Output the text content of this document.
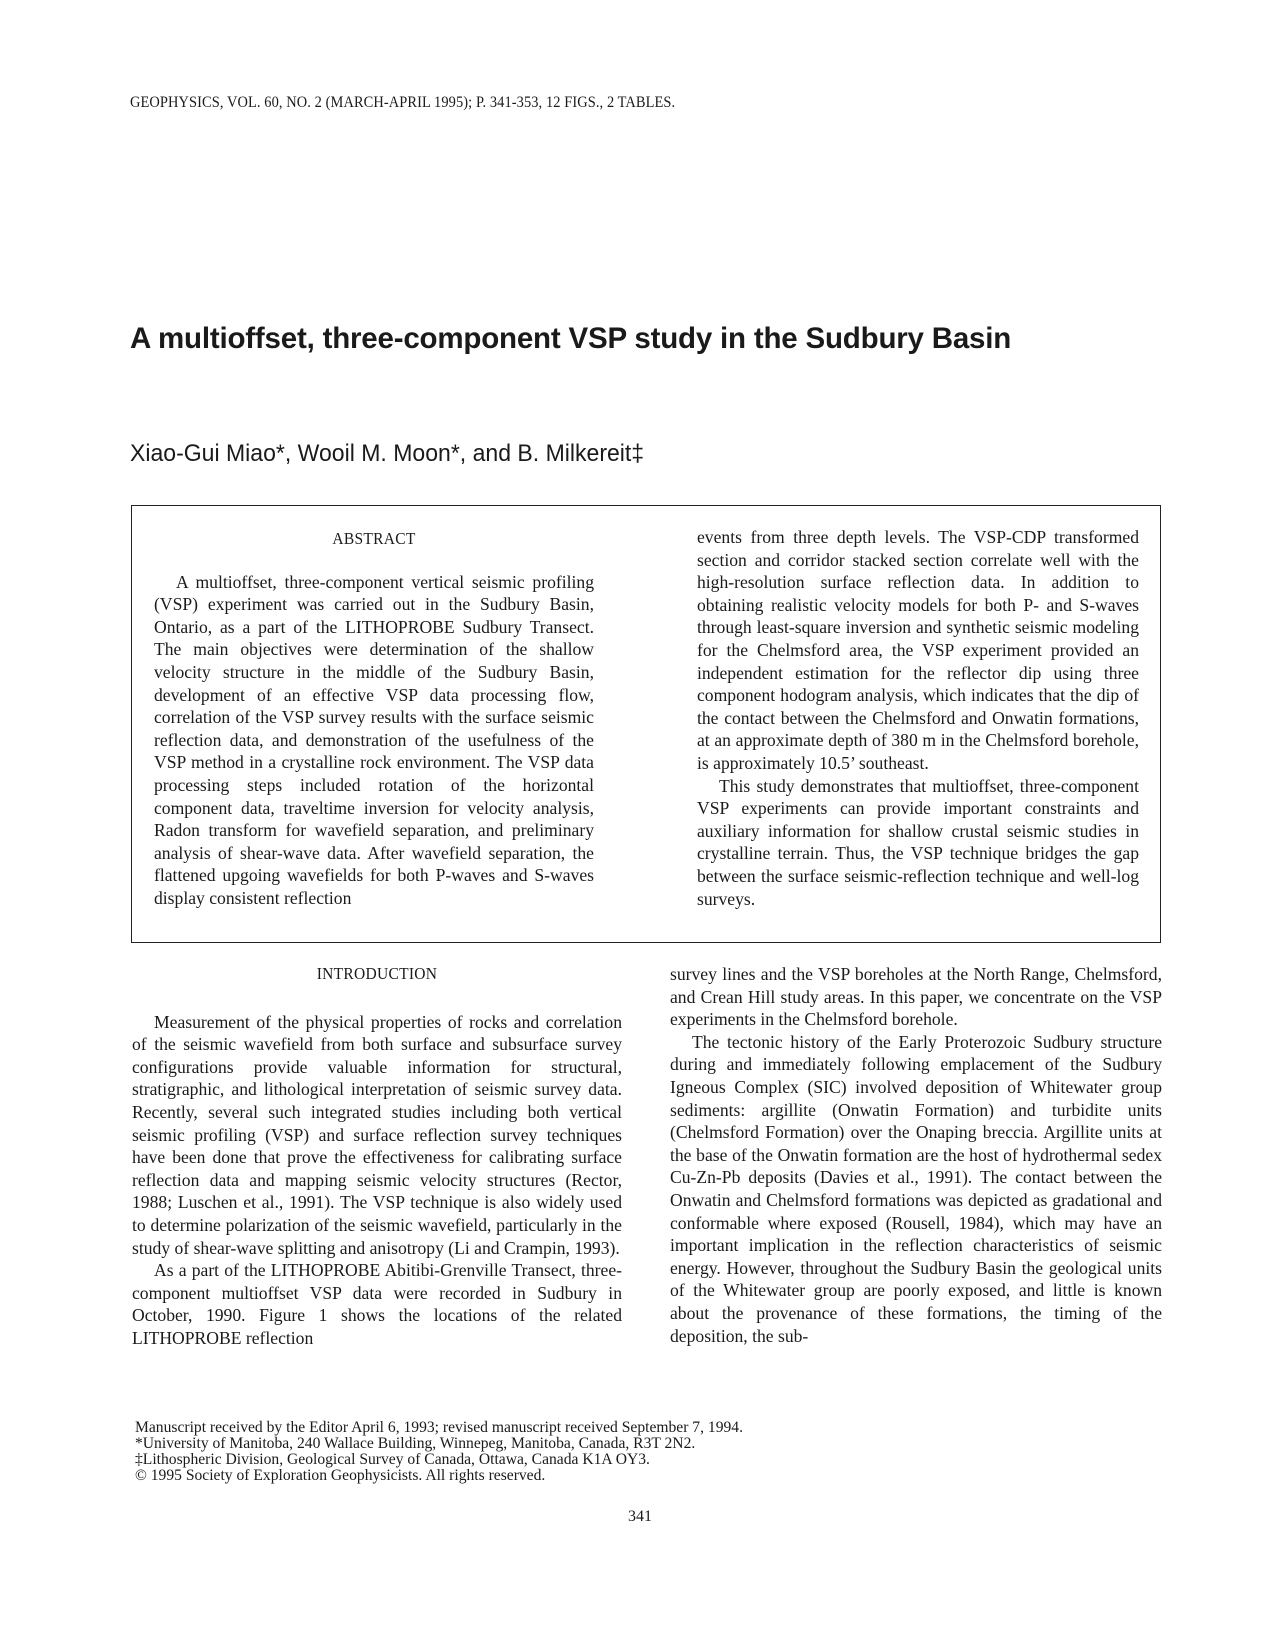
GEOPHYSICS, VOL. 60, NO. 2 (MARCH-APRIL 1995); P. 341-353, 12 FIGS., 2 TABLES.
A multioffset, three-component VSP study in the Sudbury Basin
Xiao-Gui Miao*, Wooil M. Moon*, and B. Milkereit‡
ABSTRACT

A multioffset, three-component vertical seismic profiling (VSP) experiment was carried out in the Sudbury Basin, Ontario, as a part of the LITHOPROBE Sudbury Transect. The main objectives were determination of the shallow velocity structure in the middle of the Sudbury Basin, development of an effective VSP data processing flow, correlation of the VSP survey results with the surface seismic reflection data, and demonstration of the usefulness of the VSP method in a crystalline rock environment. The VSP data processing steps included rotation of the horizontal component data, traveltime inversion for velocity analysis, Radon transform for wavefield separation, and preliminary analysis of shear-wave data. After wavefield separation, the flattened upgoing wavefields for both P-waves and S-waves display consistent reflection

events from three depth levels. The VSP-CDP transformed section and corridor stacked section correlate well with the high-resolution surface reflection data. In addition to obtaining realistic velocity models for both P- and S-waves through least-square inversion and synthetic seismic modeling for the Chelmsford area, the VSP experiment provided an independent estimation for the reflector dip using three component hodogram analysis, which indicates that the dip of the contact between the Chelmsford and Onwatin formations, at an approximate depth of 380 m in the Chelmsford borehole, is approximately 10.5’ southeast.

This study demonstrates that multioffset, three-component VSP experiments can provide important constraints and auxiliary information for shallow crustal seismic studies in crystalline terrain. Thus, the VSP technique bridges the gap between the surface seismic-reflection technique and well-log surveys.

INTRODUCTION

Measurement of the physical properties of rocks and correlation of the seismic wavefield from both surface and subsurface survey configurations provide valuable information for structural, stratigraphic, and lithological interpretation of seismic survey data. Recently, several such integrated studies including both vertical seismic profiling (VSP) and surface reflection survey techniques have been done that prove the effectiveness for calibrating surface reflection data and mapping seismic velocity structures (Rector, 1988; Luschen et al., 1991). The VSP technique is also widely used to determine polarization of the seismic wavefield, particularly in the study of shear-wave splitting and anisotropy (Li and Crampin, 1993).

As a part of the LITHOPROBE Abitibi-Grenville Transect, three-component multioffset VSP data were recorded in Sudbury in October, 1990. Figure 1 shows the locations of the related LITHOPROBE reflection

survey lines and the VSP boreholes at the North Range, Chelmsford, and Crean Hill study areas. In this paper, we concentrate on the VSP experiments in the Chelmsford borehole.

The tectonic history of the Early Proterozoic Sudbury structure during and immediately following emplacement of the Sudbury Igneous Complex (SIC) involved deposition of Whitewater group sediments: argillite (Onwatin Formation) and turbidite units (Chelmsford Formation) over the Onaping breccia. Argillite units at the base of the Onwatin formation are the host of hydrothermal sedex Cu-Zn-Pb deposits (Davies et al., 1991). The contact between the Onwatin and Chelmsford formations was depicted as gradational and conformable where exposed (Rousell, 1984), which may have an important implication in the reflection characteristics of seismic energy. However, throughout the Sudbury Basin the geological units of the Whitewater group are poorly exposed, and little is known about the provenance of these formations, the timing of the deposition, the sub-

Manuscript received by the Editor April 6, 1993; revised manuscript received September 7, 1994.
*University of Manitoba, 240 Wallace Building, Winnepeg, Manitoba, Canada, R3T 2N2.
‡Lithospheric Division, Geological Survey of Canada, Ottawa, Canada K1A OY3.
© 1995 Society of Exploration Geophysicists. All rights reserved.
341
